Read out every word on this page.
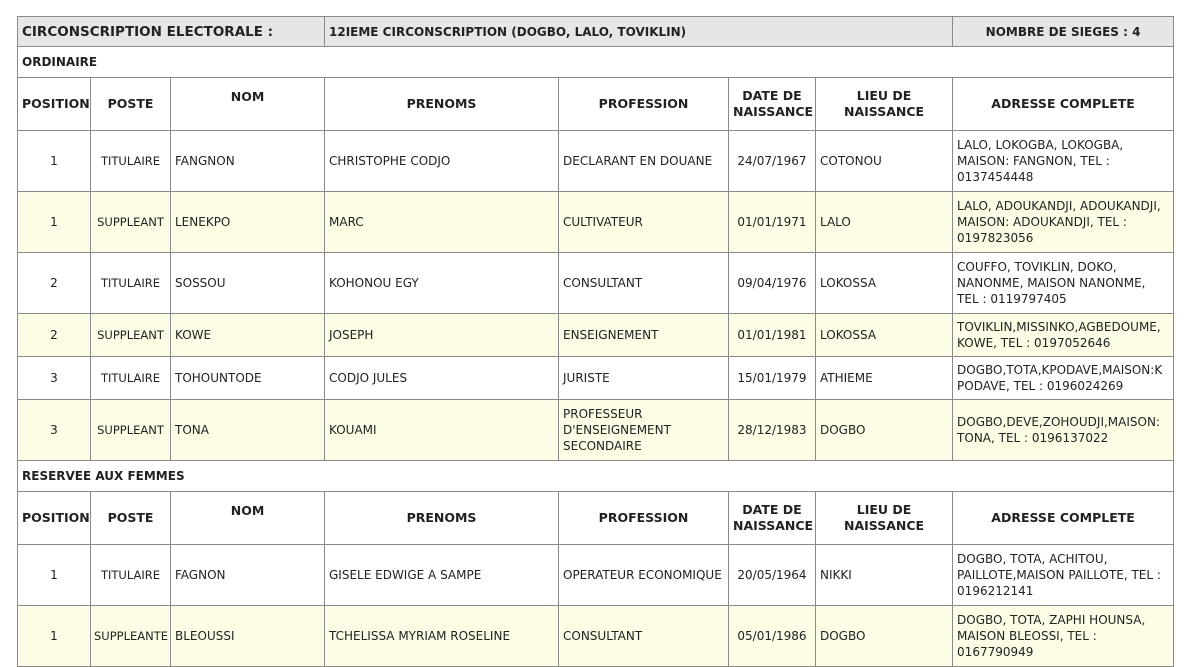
CIRCONSCRIPTION ELECTORALE :			12IEME CIRCONSCRIPTION (DOGBO, LALO, TOVIKLIN)				NOMBRE DE SIEGES : 4
ORDINAIRE							
POSITION	POSTE	NOM	PRENOMS	PROFESSION	DATE DE NAISSANCE	LIEU DE NAISSANCE	ADRESSE COMPLETE
1	TITULAIRE	FANGNON	CHRISTOPHE CODJO	DECLARANT EN DOUANE	24/07/1967	COTONOU	LALO, LOKOGBA, LOKOGBA, MAISON: FANGNON, TEL : 0137454448
1	SUPPLEANT	LENEKPO	MARC	CULTIVATEUR	01/01/1971	LALO	LALO, ADOUKANDJI, ADOUKANDJI, MAISON: ADOUKANDJI, TEL : 0197823056
2	TITULAIRE	SOSSOU	KOHONOU EGY	CONSULTANT	09/04/1976	LOKOSSA	COUFFO, TOVIKLIN, DOKO, NANONME, MAISON NANONME, TEL : 0119797405
2	SUPPLEANT	KOWE	JOSEPH	ENSEIGNEMENT	01/01/1981	LOKOSSA	TOVIKLIN,MISSINKO,AGBEDOUME, KOWE, TEL : 0197052646
3	TITULAIRE	TOHOUNTODE	CODJO JULES	JURISTE	15/01/1979	ATHIEME	DOGBO,TOTA,KPODAVE,MAISON:K PODAVE, TEL : 0196024269
3	SUPPLEANT	TONA	KOUAMI	PROFESSEUR D'ENSEIGNEMENT SECONDAIRE	28/12/1983	DOGBO	DOGBO,DEVE,ZOHOUDJI,MAISON: TONA, TEL : 0196137022
RESERVEE AUX FEMMES							
POSITION	POSTE	NOM	PRENOMS	PROFESSION	DATE DE NAISSANCE	LIEU DE NAISSANCE	ADRESSE COMPLETE
1	TITULAIRE	FAGNON	GISELE EDWIGE A SAMPE	OPERATEUR ECONOMIQUE	20/05/1964	NIKKI	DOGBO, TOTA, ACHITOU, PAILLOTE,MAISON PAILLOTE, TEL : 0196212141
1	SUPPLEANTE	BLEOUSSI	TCHELISSA MYRIAM ROSELINE	CONSULTANT	05/01/1986	DOGBO	DOGBO, TOTA, ZAPHI HOUNSA, MAISON BLEOSSI, TEL : 0167790949
